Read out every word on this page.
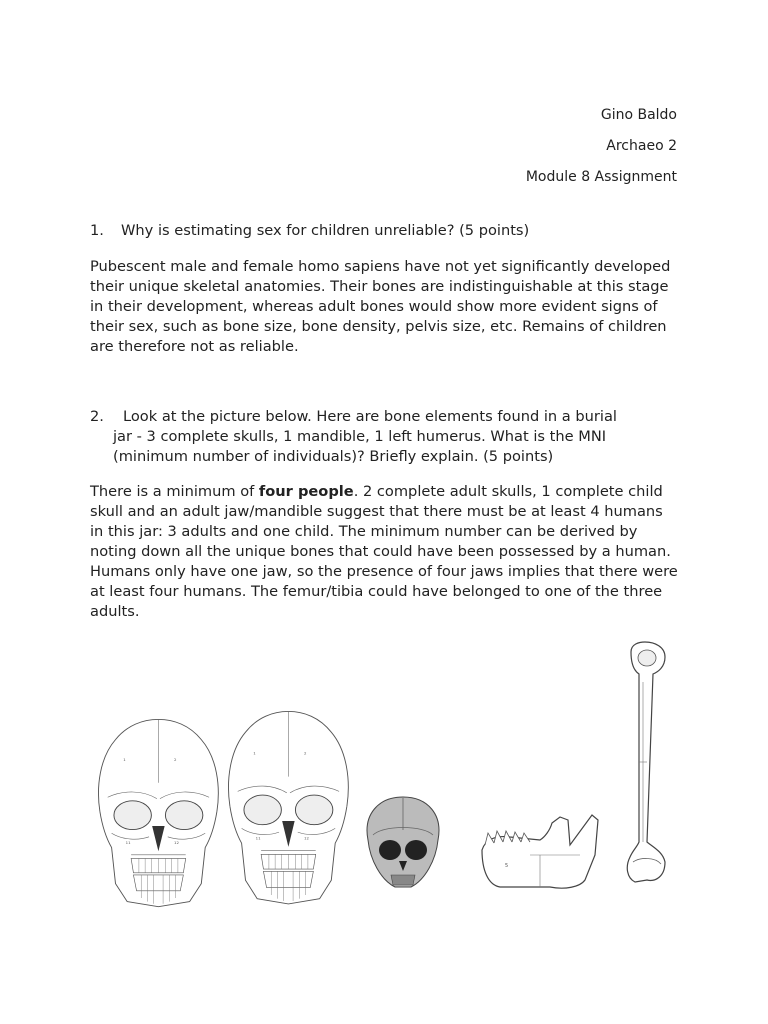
Gino Baldo
Archaeo 2
Module 8 Assignment
1. Why is estimating sex for children unreliable? (5 points)
Pubescent male and female homo sapiens have not yet significantly developed their unique skeletal anatomies. Their bones are indistinguishable at this stage in their development, whereas adult bones would show more evident signs of their sex, such as bone size, bone density, pelvis size, etc. Remains of children are therefore not as reliable.
2. Look at the picture below. Here are bone elements found in a burial
jar - 3 complete skulls, 1 mandible, 1 left humerus. What is the MNI
(minimum number of individuals)? Briefly explain. (5 points)
There is a minimum of four people. 2 complete adult skulls, 1 complete child skull and an adult jaw/mandible suggest that there must be at least 4 humans in this jar: 3 adults and one child. The minimum number can be derived by noting down all the unique bones that could have been possessed by a human. Humans only have one jaw, so the presence of four jaws implies that there were at least four humans. The femur/tibia could have belonged to one of the three adults.
1	2
11
5
